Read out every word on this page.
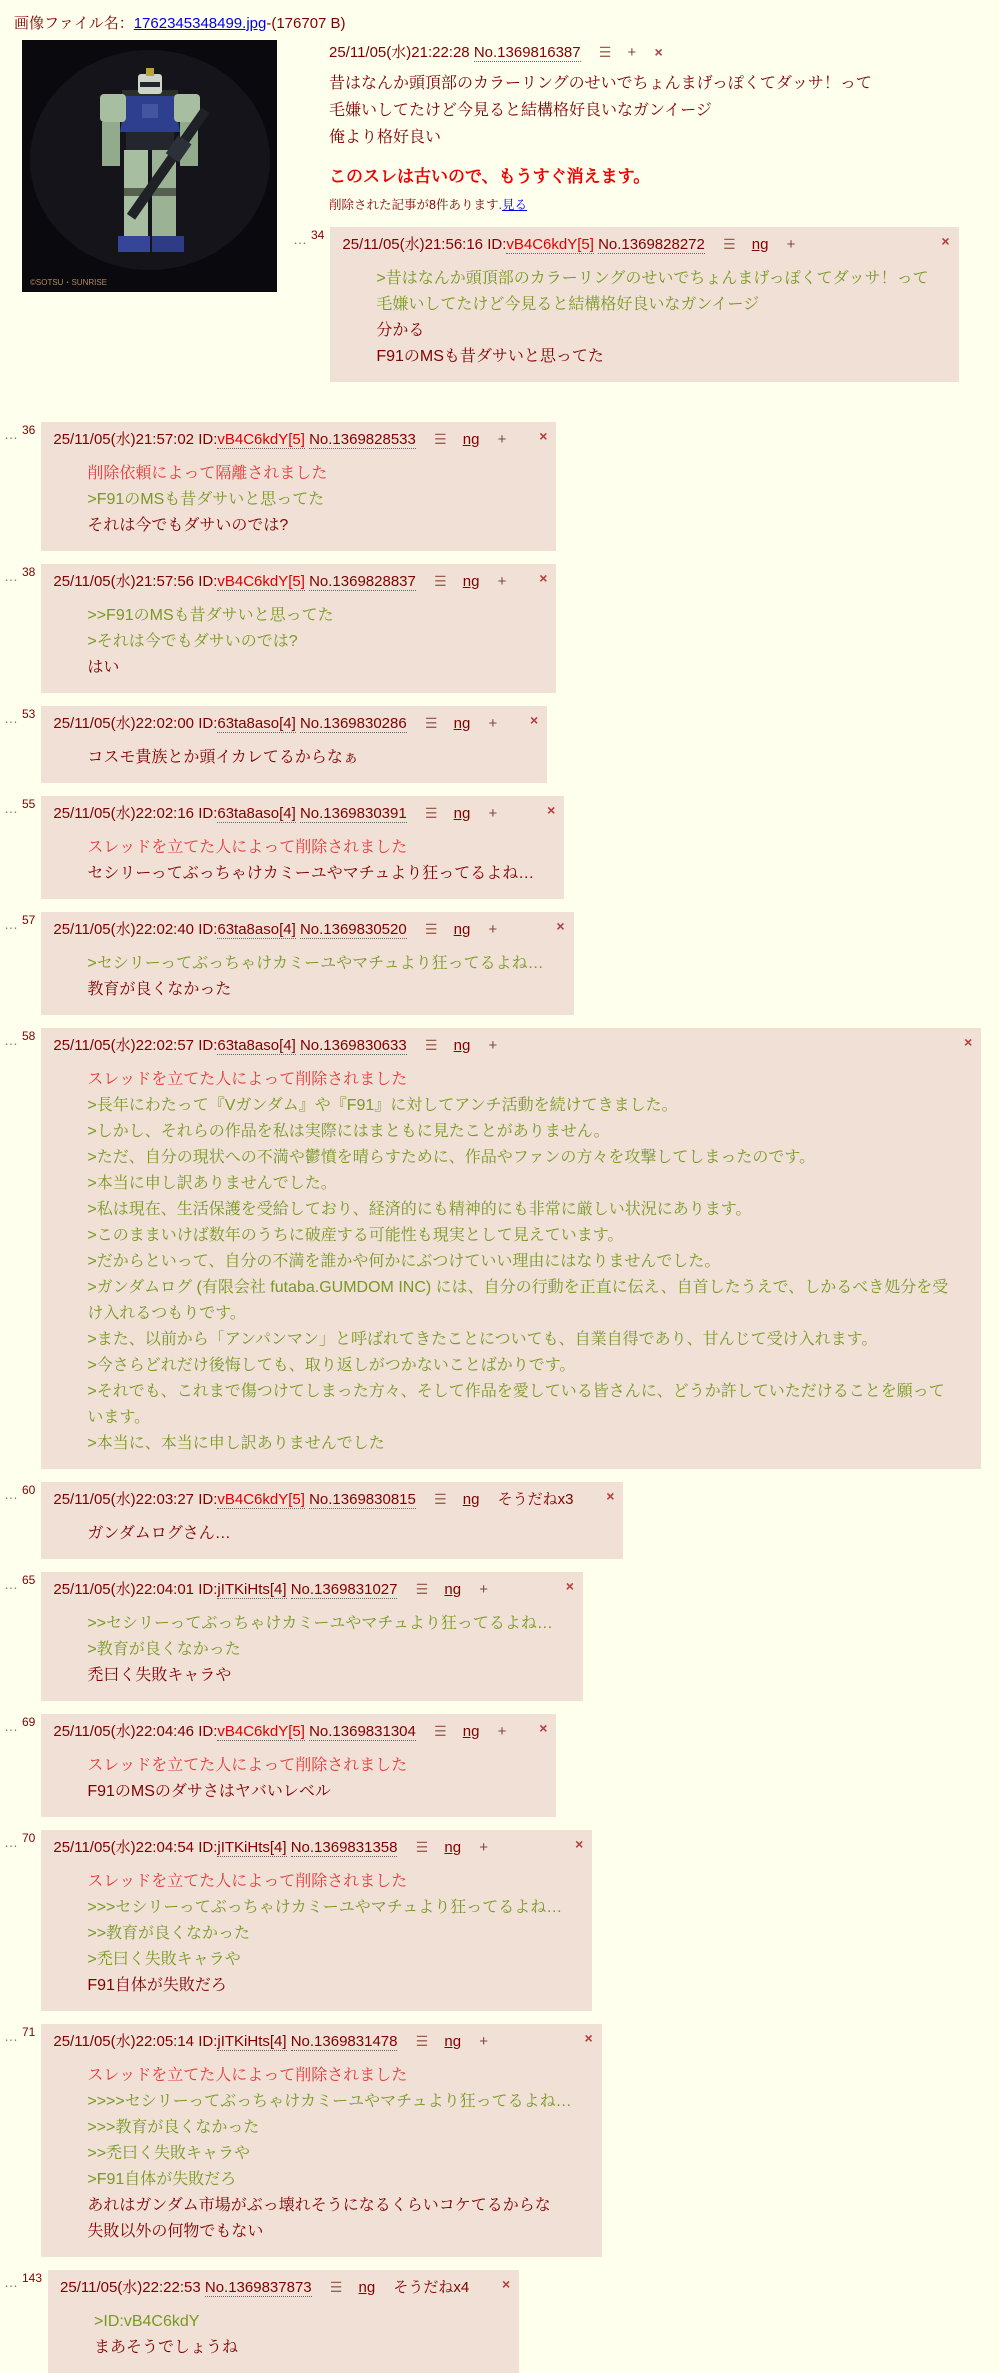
画像ファイル名：1762345348499.jpg-(176707 B)
©SOTSU・SUNRISE
25/11/05(水)21:22:28 No.1369816387 ☰ + ×
昔はなんか頭頂部のカラーリングのせいでちょんまげっぽくてダッサ！って
毛嫌いしてたけど今見ると結構格好良いなガンイージ
俺より格好良い
このスレは古いので、もうすぐ消えます。
削除された記事が8件あります.見る
… 34
25/11/05(水)21:56:16 ID:vB4C6kdY[5] No.1369828272 ☰ ng +	×
>昔はなんか頭頂部のカラーリングのせいでちょんまげっぽくてダッサ！って
毛嫌いしてたけど今見ると結構格好良いなガンイージ
分かる
F91のMSも昔ダサいと思ってた
… 36
25/11/05(水)21:57:02 ID:vB4C6kdY[5] No.1369828533 ☰ ng + ×
削除依頼によって隔離されました
>F91のMSも昔ダサいと思ってた
それは今でもダサいのでは?
… 38
25/11/05(水)21:57:56 ID:vB4C6kdY[5] No.1369828837 ☰ ng + ×
>>F91のMSも昔ダサいと思ってた
>それは今でもダサいのでは?
はい
… 53
25/11/05(水)22:02:00 ID:63ta8aso[4] No.1369830286 ☰ ng + ×
コスモ貴族とか頭イカレてるからなぁ
… 55
25/11/05(水)22:02:16 ID:63ta8aso[4] No.1369830391 ☰ ng +	×
スレッドを立てた人によって削除されました
セシリーってぶっちゃけカミーユやマチュより狂ってるよね…
… 57
25/11/05(水)22:02:40 ID:63ta8aso[4] No.1369830520 ☰ ng +	×
>セシリーってぶっちゃけカミーユやマチュより狂ってるよね…
教育が良くなかった
… 58
25/11/05(水)22:02:57 ID:63ta8aso[4] No.1369830633 ☰ ng +	×
スレッドを立てた人によって削除されました
>長年にわたって『Vガンダム』や『F91』に対してアンチ活動を続けてきました。
>しかし、それらの作品を私は実際にはまともに見たことがありません。
>ただ、自分の現状への不満や鬱憤を晴らすために、作品やファンの方々を攻撃してしまったのです。
>本当に申し訳ありませんでした。
>私は現在、生活保護を受給しており、経済的にも精神的にも非常に厳しい状況にあります。
>このままいけば数年のうちに破産する可能性も現実として見えています。
>だからといって、自分の不満を誰かや何かにぶつけていい理由にはなりませんでした。
>ガンダムログ (有限会社 futaba.GUMDOM INC) には、自分の行動を正直に伝え、自首したうえで、しかるべき処分を受け入れるつもりです。
>また、以前から「アンパンマン」と呼ばれてきたことについても、自業自得であり、甘んじて受け入れます。
>今さらどれだけ後悔しても、取り返しがつかないことばかりです。
>それでも、これまで傷つけてしまった方々、そして作品を愛している皆さんに、どうか許していただけることを願っています。
>本当に、本当に申し訳ありませんでした
… 60
25/11/05(水)22:03:27 ID:vB4C6kdY[5] No.1369830815 ☰ ng そうだねx3 ×
ガンダムログさん…
… 65
25/11/05(水)22:04:01 ID:jITKiHts[4] No.1369831027 ☰ ng +	×
>>セシリーってぶっちゃけカミーユやマチュより狂ってるよね…
>教育が良くなかった
禿曰く失敗キャラや
… 69
25/11/05(水)22:04:46 ID:vB4C6kdY[5] No.1369831304 ☰ ng + ×
スレッドを立てた人によって削除されました
F91のMSのダサさはヤバいレベル
… 70
25/11/05(水)22:04:54 ID:jITKiHts[4] No.1369831358 ☰ ng +	×
スレッドを立てた人によって削除されました
>>>セシリーってぶっちゃけカミーユやマチュより狂ってるよね…
>>教育が良くなかった
>禿曰く失敗キャラや
F91自体が失敗だろ
… 71
25/11/05(水)22:05:14 ID:jITKiHts[4] No.1369831478 ☰ ng +	×
スレッドを立てた人によって削除されました
>>>>セシリーってぶっちゃけカミーユやマチュより狂ってるよね…
>>>教育が良くなかった
>>禿曰く失敗キャラや
>F91自体が失敗だろ
あれはガンダム市場がぶっ壊れそうになるくらいコケてるからな
失敗以外の何物でもない
… 143
25/11/05(水)22:22:53 No.1369837873 ☰ ng そうだねx4 ×
>ID:vB4C6kdY
まあそうでしょうね
